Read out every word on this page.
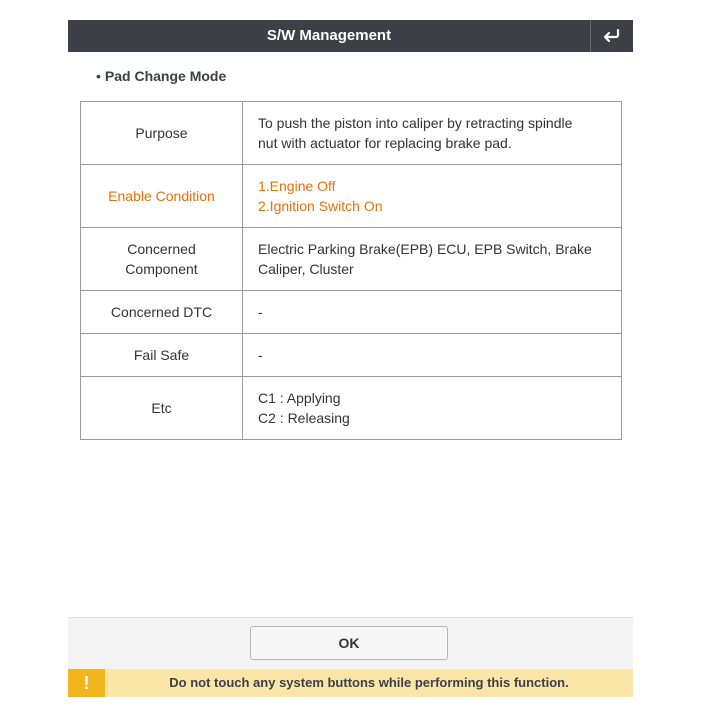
S/W Management
• Pad Change Mode
Purpose	To push the piston into caliper by retracting spindle
nut with actuator for replacing brake pad.

Enable Condition	1.Engine Off
2.Ignition Switch On

Concerned
Component	Electric Parking Brake(EPB) ECU, EPB Switch, Brake
Caliper, Cluster

Concerned DTC	-
Fail Safe	-
Etc	C1 : Applying
C2 : Releasing
OK
!	Do not touch any system buttons while performing this function.
